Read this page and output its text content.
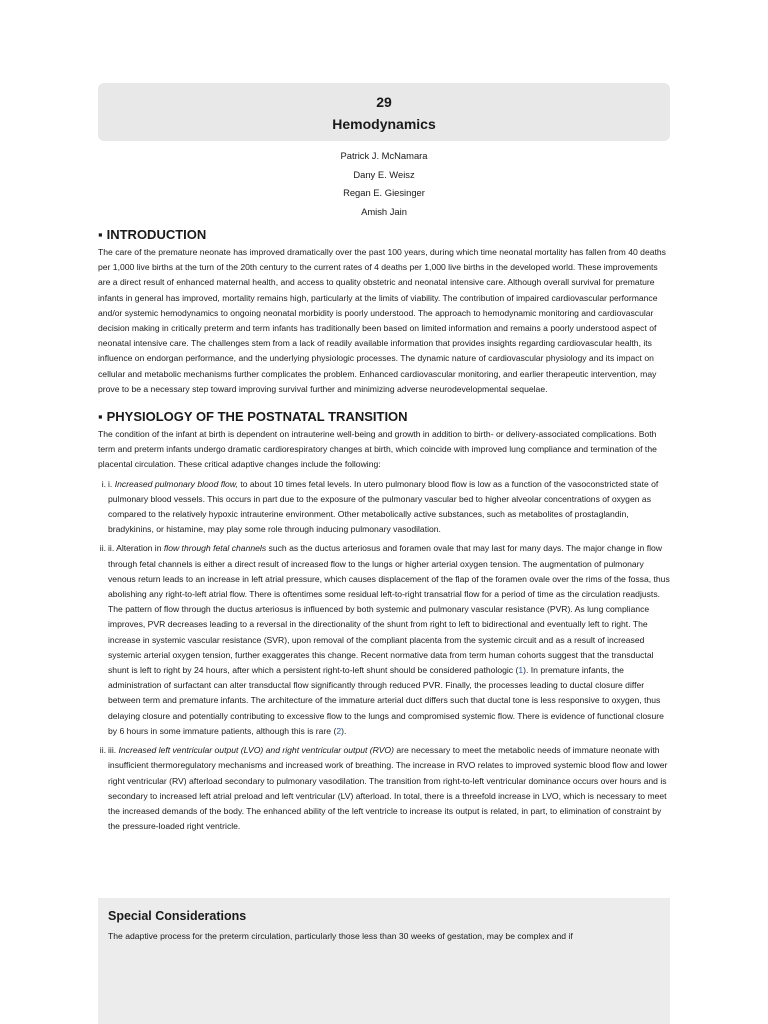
29
Hemodynamics
Patrick J. McNamara
Dany E. Weisz
Regan E. Giesinger
Amish Jain
▪ INTRODUCTION

The care of the premature neonate has improved dramatically over the past 100 years, during which time neonatal mortality has fallen from 40 deaths per 1,000 live births at the turn of the 20th century to the current rates of 4 deaths per 1,000 live births in the developed world. These improvements are a direct result of enhanced maternal health, and access to quality obstetric and neonatal intensive care. Although overall survival for premature infants in general has improved, mortality remains high, particularly at the limits of viability. The contribution of impaired cardiovascular performance and/or systemic hemodynamics to ongoing neonatal morbidity is poorly understood. The approach to hemodynamic monitoring and cardiovascular decision making in critically preterm and term infants has traditionally been based on limited information and remains a poorly understood aspect of neonatal intensive care. The challenges stem from a lack of readily available information that provides insights regarding cardiovascular health, its influence on endorgan performance, and the underlying physiologic processes. The dynamic nature of cardiovascular physiology and its impact on cellular and metabolic mechanisms further complicates the problem. Enhanced cardiovascular monitoring, and earlier therapeutic intervention, may prove to be a necessary step toward improving survival further and minimizing adverse neurodevelopmental sequelae.

▪ PHYSIOLOGY OF THE POSTNATAL TRANSITION

The condition of the infant at birth is dependent on intrauterine well-being and growth in addition to birth- or delivery-associated complications. Both term and preterm infants undergo dramatic cardiorespiratory changes at birth, which coincide with improved lung compliance and termination of the placental circulation. These critical adaptive changes include the following:

i. i. Increased pulmonary blood flow, to about 10 times fetal levels. In utero pulmonary blood flow is low as a function of the vasoconstricted state of pulmonary blood vessels. This occurs in part due to the exposure of the pulmonary vascular bed to higher alveolar concentrations of oxygen as compared to the relatively hypoxic intrauterine environment. Other metabolically active substances, such as metabolites of prostaglandin, bradykinins, or histamine, may play some role through inducing pulmonary vasodilation.
ii. ii. Alteration in flow through fetal channels such as the ductus arteriosus and foramen ovale that may last for many days. The major change in flow through fetal channels is either a direct result of increased flow to the lungs or higher arterial oxygen tension. The augmentation of pulmonary venous return leads to an increase in left atrial pressure, which causes displacement of the flap of the foramen ovale over the rims of the fossa, thus abolishing any right-to-left atrial flow. There is oftentimes some residual left-to-right transatrial flow for a period of time as the circulation readjusts. The pattern of flow through the ductus arteriosus is influenced by both systemic and pulmonary vascular resistance (PVR). As lung compliance improves, PVR decreases leading to a reversal in the directionality of the shunt from right to left to bidirectional and eventually left to right. The increase in systemic vascular resistance (SVR), upon removal of the compliant placenta from the systemic circuit and as a result of increased systemic arterial oxygen tension, further exaggerates this change. Recent normative data from term human cohorts suggest that the transductal shunt is left to right by 24 hours, after which a persistent right-to-left shunt should be considered pathologic (1). In premature infants, the administration of surfactant can alter transductal flow significantly through reduced PVR. Finally, the processes leading to ductal closure differ between term and premature infants. The architecture of the immature arterial duct differs such that ductal tone is less responsive to oxygen, thus delaying closure and potentially contributing to excessive flow to the lungs and compromised systemic flow. There is evidence of functional closure by 6 hours in some immature patients, although this is rare (2).
ii. iii. Increased left ventricular output (LVO) and right ventricular output (RVO) are necessary to meet the metabolic needs of immature neonate with insufficient thermoregulatory mechanisms and increased work of breathing. The increase in RVO relates to improved systemic blood flow and lower right ventricular (RV) afterload secondary to pulmonary vasodilation. The transition from right-to-left ventricular dominance occurs over hours and is secondary to increased left atrial preload and left ventricular (LV) afterload. In total, there is a threefold increase in LVO, which is necessary to meet the increased demands of the body. The enhanced ability of the left ventricle to increase its output is related, in part, to elimination of constraint by the pressure-loaded right ventricle.
Special Considerations

The adaptive process for the preterm circulation, particularly those less than 30 weeks of gestation, may be complex and if
